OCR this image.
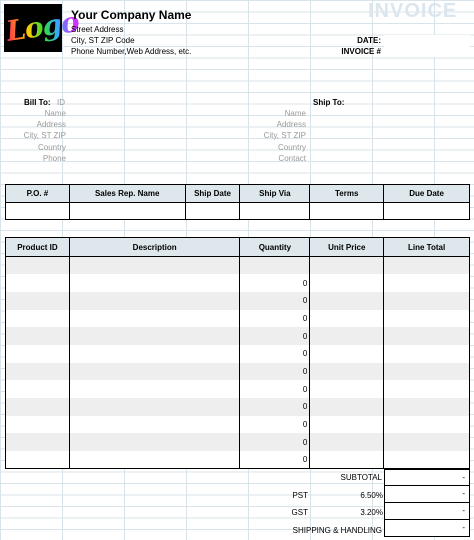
Logo
Your Company Name
Street Address
City, ST ZIP Code
Phone Number,Web Address, etc.
INVOICE
DATE:
INVOICE #
Bill To: ID
Name
Address
City, ST ZIP
Country
Phone
Ship To:
Name
Address
City, ST ZIP
Country
Contact
P.O. #	Sales Rep. Name	Ship Date	Ship Via	Terms	Due Date

Product ID	Description	Quantity	Unit Price	Line Total

		0		
		0		
		0		
		0		
		0		
		0		
		0		
		0		
		0		
		0		
		0		
SUBTOTAL	-
PST	6.50%	-
GST	3.20%	-
SHIPPING & HANDLING	-
